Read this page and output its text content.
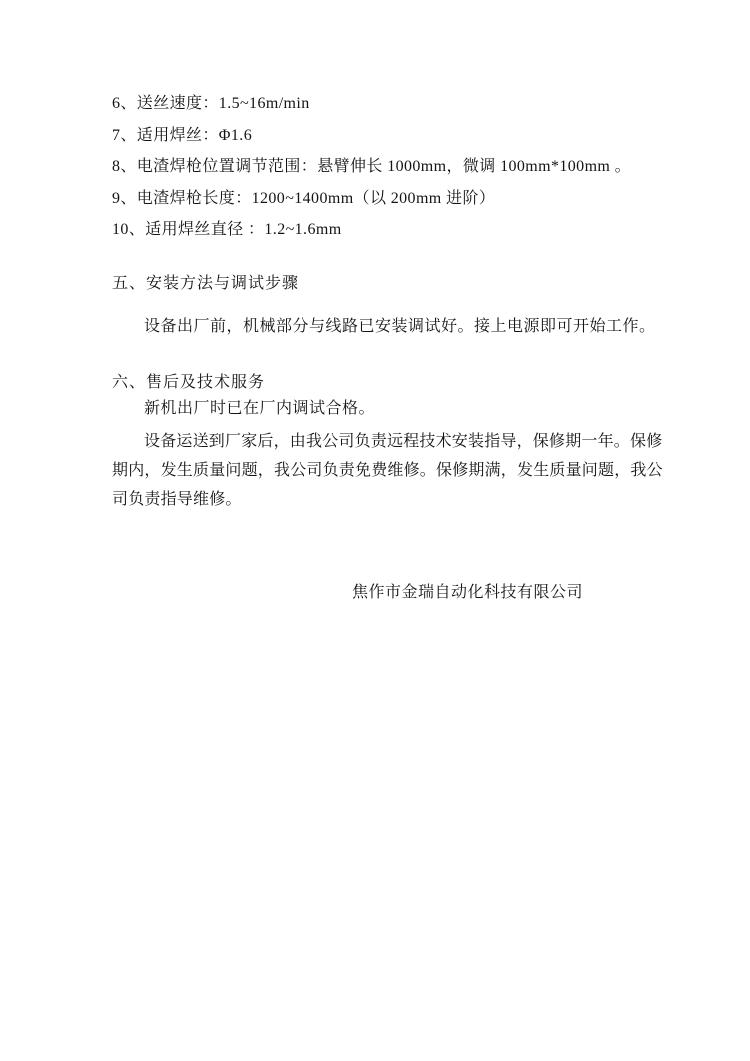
6、送丝速度：1.5~16m/min
7、适用焊丝：Φ1.6
8、电渣焊枪位置调节范围：悬臂伸长 1000mm，微调 100mm*100mm 。
9、电渣焊枪长度：1200~1400mm（以 200mm 进阶）
10、适用焊丝直径 ：1.2~1.6mm
五、安装方法与调试步骤
设备出厂前，机械部分与线路已安装调试好。接上电源即可开始工作。
六、售后及技术服务
新机出厂时已在厂内调试合格。
设备运送到厂家后，由我公司负责远程技术安装指导，保修期一年。保修
期内，发生质量问题，我公司负责免费维修。保修期满，发生质量问题，我公
司负责指导维修。
焦作市金瑞自动化科技有限公司
